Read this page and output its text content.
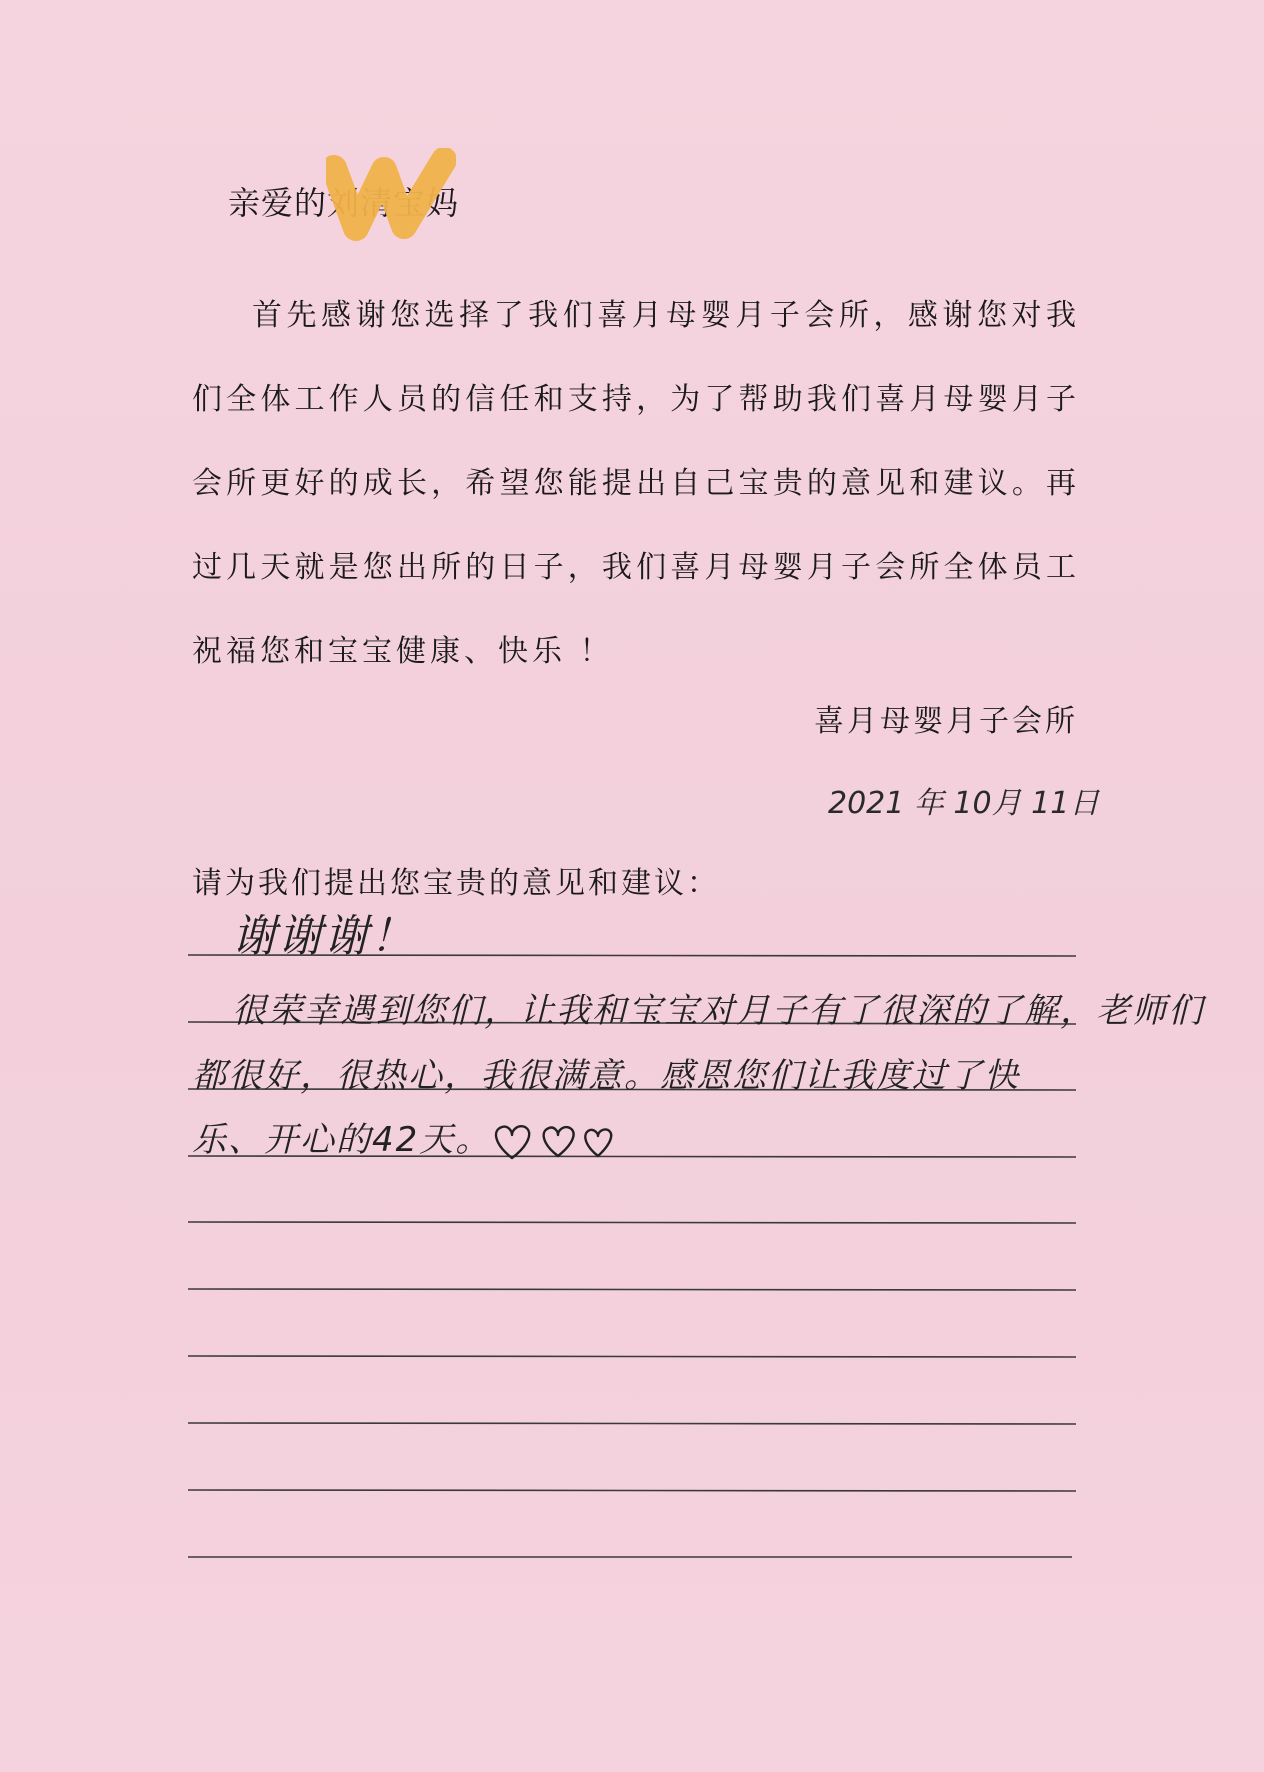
亲爱的刘清宝妈
首先感谢您选择了我们喜月母婴月子会所，感谢您对我们全体工作人员的信任和支持，为了帮助我们喜月母婴月子会所更好的成长，希望您能提出自己宝贵的意见和建议。再过几天就是您出所的日子，我们喜月母婴月子会所全体员工祝福您和宝宝健康、快乐 ！
喜月母婴月子会所
2021 年 10月 11日
请为我们提出您宝贵的意见和建议：
谢谢谢！
很荣幸遇到您们，让我和宝宝对月子有了很深的了解，老师们
都很好，很热心，我很满意。感恩您们让我度过了快
乐、开心的42天。
